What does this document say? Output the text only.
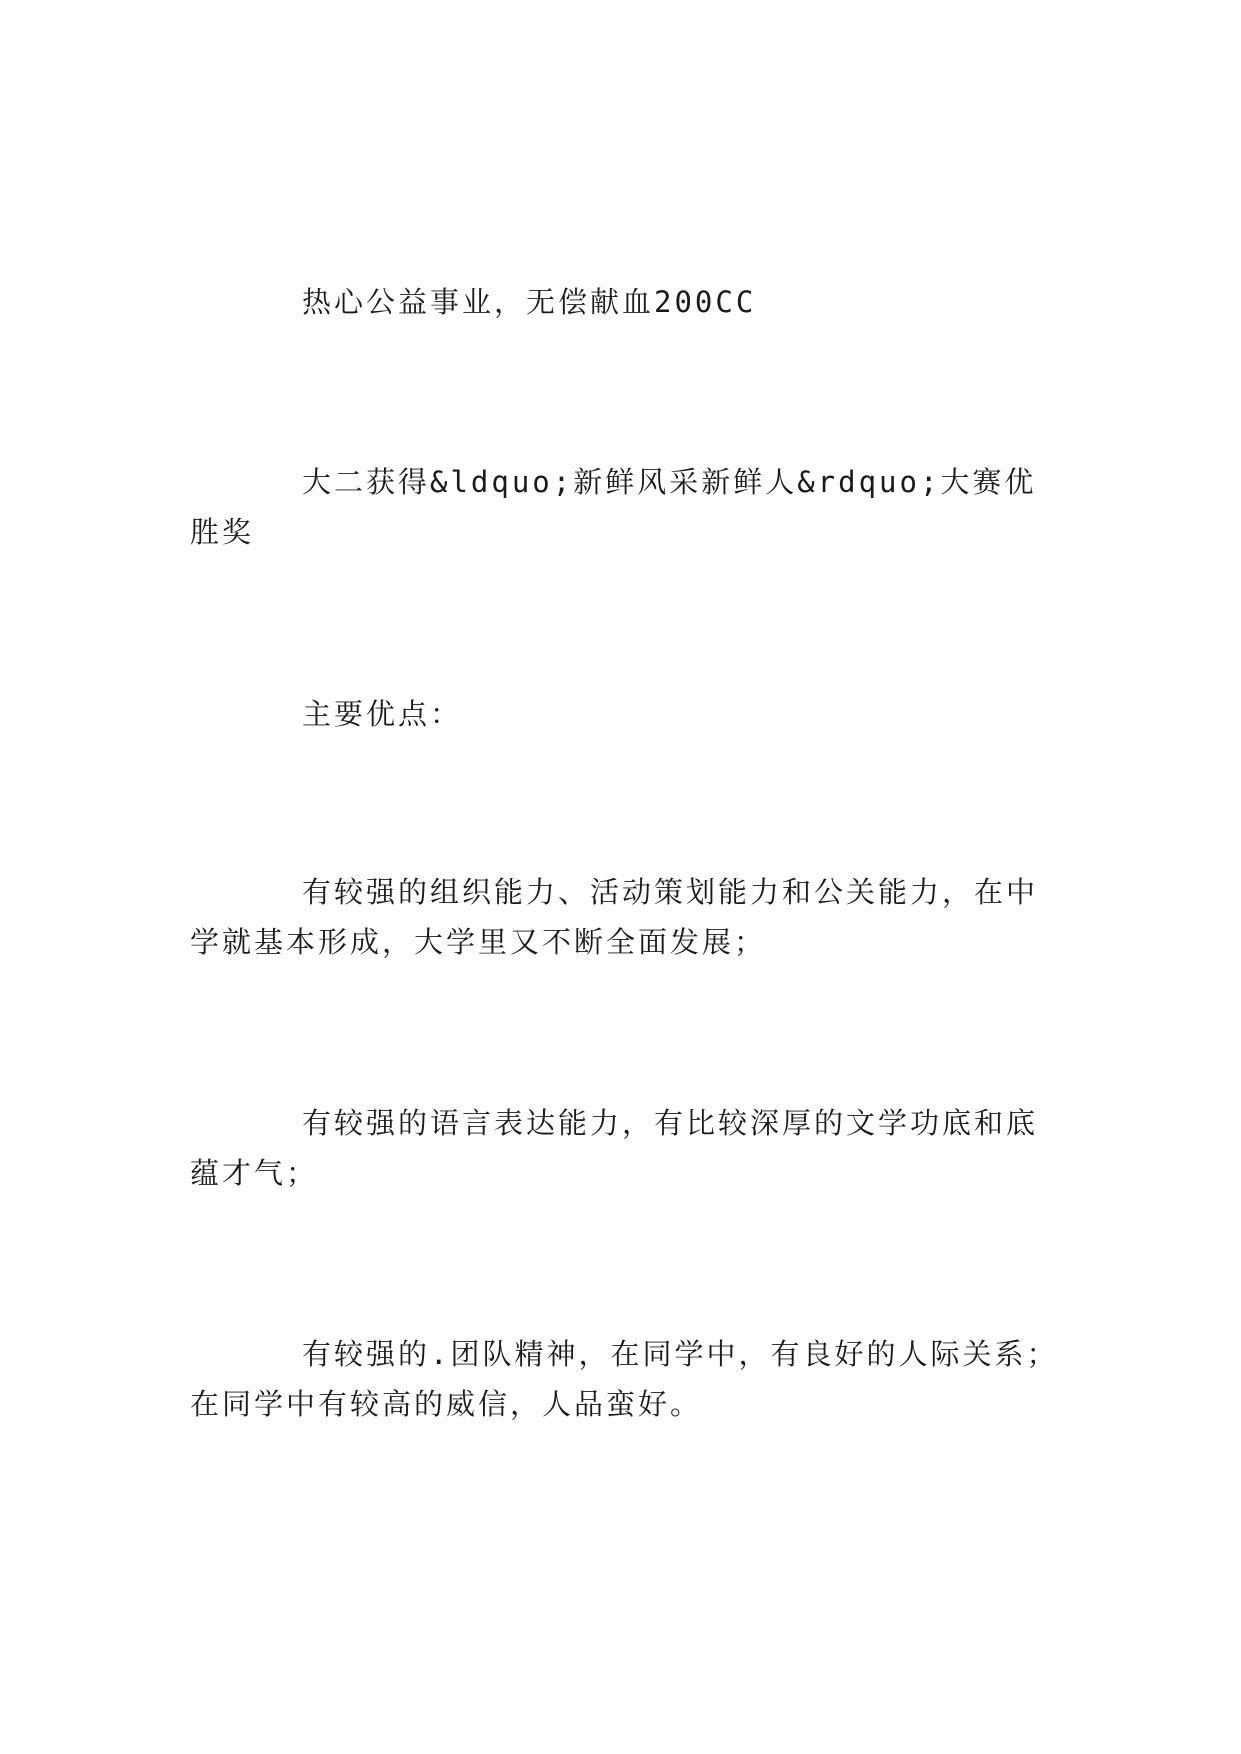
热心公益事业，无偿献血200CC

大二获得&ldquo;新鲜风采新鲜人&rdquo;大赛优胜奖

主要优点：

有较强的组织能力、活动策划能力和公关能力，在中学就基本形成，大学里又不断全面发展；

有较强的语言表达能力，有比较深厚的文学功底和底蕴才气；

有较强的.团队精神，在同学中，有良好的人际关系；在同学中有较高的威信，人品蛮好。
